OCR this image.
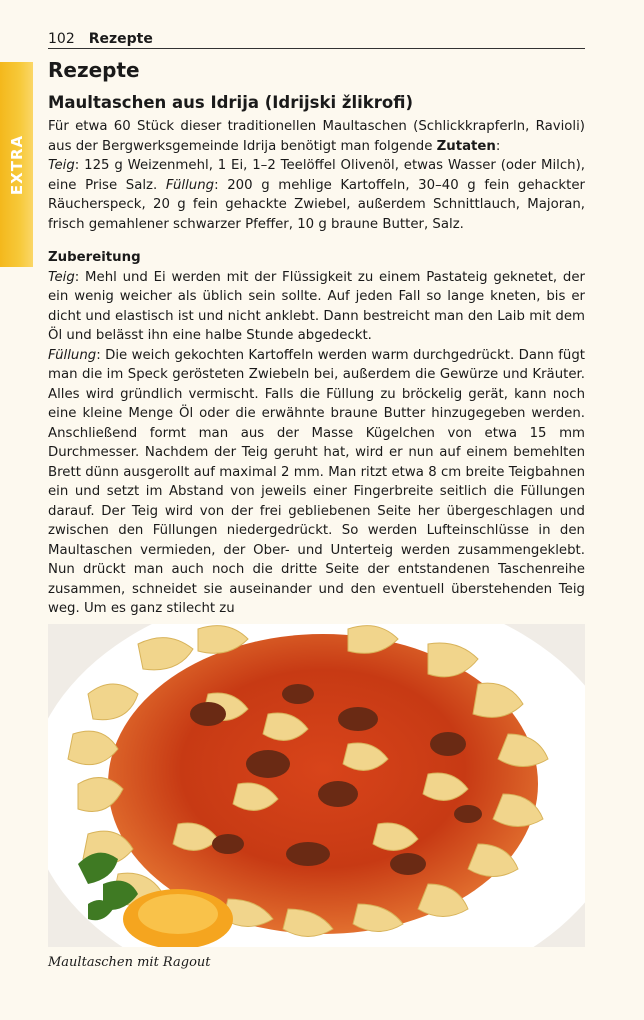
EXTRA
102 Rezepte
Rezepte
Maultaschen aus Idrija (Idrijski žlikrofi)

Für etwa 60 Stück dieser traditionellen Maultaschen (Schlickkrapferln, Ravioli) aus der Bergwerksgemeinde Idrija benötigt man folgende Zutaten:
Teig: 125 g Weizenmehl, 1 Ei, 1–2 Teelöffel Olivenöl, etwas Wasser (oder Milch), eine Prise Salz. Füllung: 200 g mehlige Kartoffeln, 30–40 g fein gehackter Räucherspeck, 20 g fein gehackte Zwiebel, außerdem Schnittlauch, Majoran, frisch gemahlener schwarzer Pfeffer, 10 g braune Butter, Salz.

Zubereitung

Teig: Mehl und Ei werden mit der Flüssigkeit zu einem Pastateig geknetet, der ein wenig weicher als üblich sein sollte. Auf jeden Fall so lange kneten, bis er dicht und elastisch ist und nicht anklebt. Dann bestreicht man den Laib mit dem Öl und belässt ihn eine halbe Stunde abgedeckt.

Füllung: Die weich gekochten Kartoffeln werden warm durchgedrückt. Dann fügt man die im Speck gerösteten Zwiebeln bei, außerdem die Gewürze und Kräuter. Alles wird gründlich vermischt. Falls die Füllung zu bröckelig gerät, kann noch eine kleine Menge Öl oder die erwähnte braune Butter hinzugegeben werden. Anschließend formt man aus der Masse Kügelchen von etwa 15 mm Durchmesser. Nachdem der Teig geruht hat, wird er nun auf einem bemehlten Brett dünn ausgerollt auf maximal 2 mm. Man ritzt etwa 8 cm breite Teigbahnen ein und setzt im Abstand von jeweils einer Fingerbreite seitlich die Füllungen darauf. Der Teig wird von der frei gebliebenen Seite her übergeschlagen und zwischen den Füllungen niedergedrückt. So werden Lufteinschlüsse in den Maultaschen vermieden, der Ober- und Unterteig werden zusammengeklebt. Nun drückt man auch noch die dritte Seite der entstandenen Taschenreihe zusammen, schneidet sie auseinander und den eventuell überstehenden Teig weg. Um es ganz stilecht zu

Maultaschen mit Ragout
